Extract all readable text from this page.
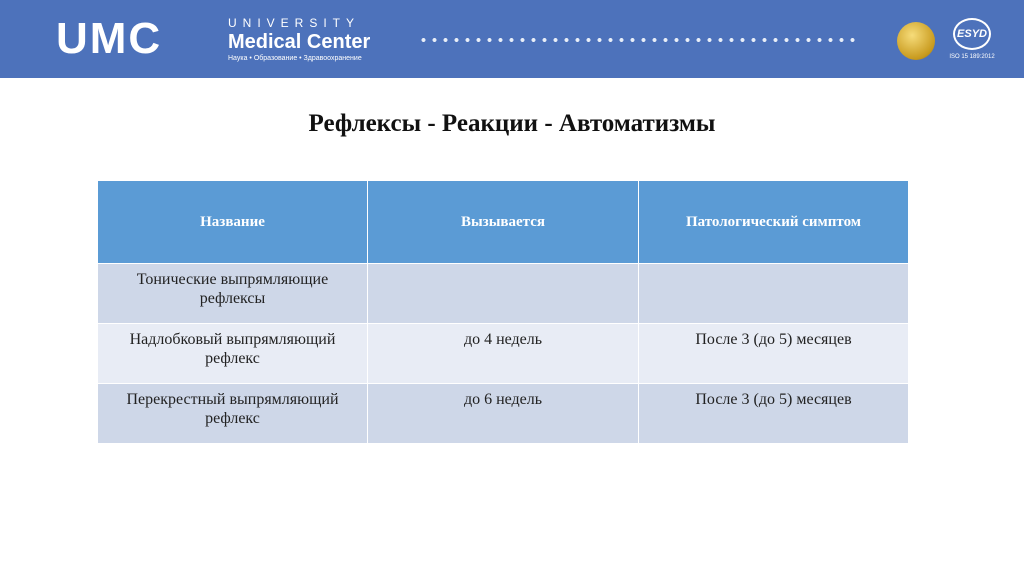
UMC	UNIVERSITY
Medical Center
Наука • Образование • Здравоохранение
ESYD
ISO 15 189:2012
Рефлексы - Реакции - Автоматизмы
Название	Вызывается	Патологический симптом
Тонические выпрямляющие рефлексы		
Надлобковый выпрямляющий рефлекс	до 4 недель	После 3 (до 5) месяцев
Перекрестный выпрямляющий рефлекс	до 6 недель	После 3 (до 5) месяцев
